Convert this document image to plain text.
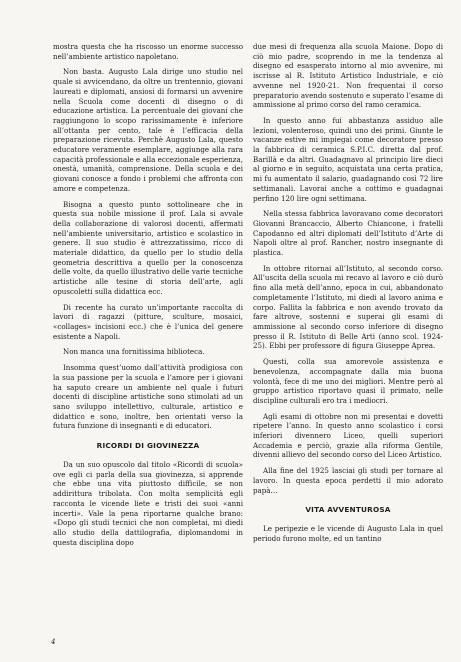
mostra questa che ha riscosso un enorme successo nell’ambiente artistico napoletano.

Non basta. Augusto Lala dirige uno studio nel quale si avvicendano, da oltre un trentennio, giovani laureati e diplomati, ansiosi di formarsi un avvenire nella Scuola come docenti di disegno o di educazione artistica. La percentuale dei giovani che raggiungono lo scopo rarissimamente è inferiore all’ottanta per cento, tale è l’efficacia della preparazione ricevuta. Perchè Augusto Lala, questo educatore veramente esemplare, aggiunge alla rara capacità professionale e alla eccezionale esperienza, onestà, umanità, comprensione. Della scuola e dei giovani conosce a fondo i problemi che affronta con amore e competenza.

Bisogna a questo punto sottolineare che in questa sua nobile missione il prof. Lala si avvale della collaborazione di valorosi docenti, affermati nell’ambiente universitario, artistico e scolastico in genere. Il suo studio è attrezzatissimo, ricco di materiale didattico, da quello per lo studio della geometria descrittiva a quello per la conoscenza delle volte, da quello illustrativo delle varie tecniche artistiche alle tesine di storia dell’arte, agli opuscoletti sulla didattica ecc.

Di recente ha curato un’importante raccolta di lavori di ragazzi (pitture, sculture, mosaici, «collages» incisioni ecc.) che è l’unica del genere esistente a Napoli.

Non manca una fornitissima biblioteca.

Insomma quest’uomo dall’attività prodigiosa con la sua passione per la scuola e l’amore per i giovani ha saputo creare un ambiente nel quale i futuri docenti di discipline artistiche sono stimolati ad un sano sviluppo intellettivo, culturale, artistico e didattico e sono, inoltre, ben orientati verso la futura funzione di insegnanti e di educatori.

RICORDI DI GIOVINEZZA

Da un suo opuscolo dal titolo «Ricordi di scuola» ove egli ci parla della sua giovinezza, si apprende che ebbe una vita piuttosto difficile, se non addirittura tribolata. Con molta semplicità egli racconta le vicende liete e tristi dei suoi «anni incerti». Vale la pena riportarne qualche brano: «Dopo gli studi tecnici che non completai, mi diedi allo studio della dattilografia, diplomandomi in questa disciplina dopo

due mesi di frequenza alla scuola Maione. Dopo di ciò mio padre, scoprendo in me la tendenza al disegno ed esasperato intorno al mio avvenire, mi iscrisse al R. Istituto Artistico Industriale, e ciò avvenne nel 1920-21. Non frequentai il corso preparatorio avendo sostenuto e superato l’esame di ammissione al primo corso del ramo ceramica.

In questo anno fui abbastanza assiduo alle lezioni, volenteroso, quindi uno dei primi. Giunte le vacanze estive mi impiegai come decoratore presso la fabbrica di ceramica S.P.I.C. diretta dal prof. Barillà e da altri. Guadagnavo al principio lire dieci al giorno e in seguito, acquistata una certa pratica, mi fu aumentato il salario, guadagnando così 72 lire settimanali. Lavorai anche a cottimo e guadagnai perfino 120 lire ogni settimana.

Nella stessa fabbrica lavoravano come decoratori Giovanni Brancaccio, Alberto Chiancone, i fratelli Capodanno ed altri diplomati dell’Istituto d’Arte di Napoli oltre al prof. Rancher, nostro insegnante di plastica.

In ottobre ritornai all’Istituto, al secondo corso. All’uscita della scuola mi recavo al lavoro e ciò durò fino alla metà dell’anno, epoca in cui, abbandonato completamente l’Istituto, mi diedi al lavoro anima e corpo. Fallita la fabbrica e non avendo trovato da fare altrove, sostenni e superai gli esami di ammissione al secondo corso inferiore di disegno presso il R. Istituto di Belle Arti (anno scol. 1924-25). Ebbi per professore di figura Giuseppe Aprea.

Questi, colla sua amorevole assistenza e benevolenza, accompagnate dalla mia buona volontà, fece di me uno dei migliori. Mentre però al gruppo artistico riportavo quasi il primato, nelle discipline culturali ero tra i mediocri.

Agli esami di ottobre non mi presentai e dovetti ripetere l’anno. In questo anno scolastico i corsi inferiori divennero Liceo, quelli superiori Accademia e perciò, grazie alla riforma Gentile, divenni allievo del secondo corso del Liceo Artistico.

Alla fine del 1925 lasciai gli studi per tornare al lavoro. In questa epoca perdetti il mio adorato papà…

VITA AVVENTUROSA

Le peripezie e le vicende di Augusto Lala in quel periodo furono molte, ed un tantino

4
